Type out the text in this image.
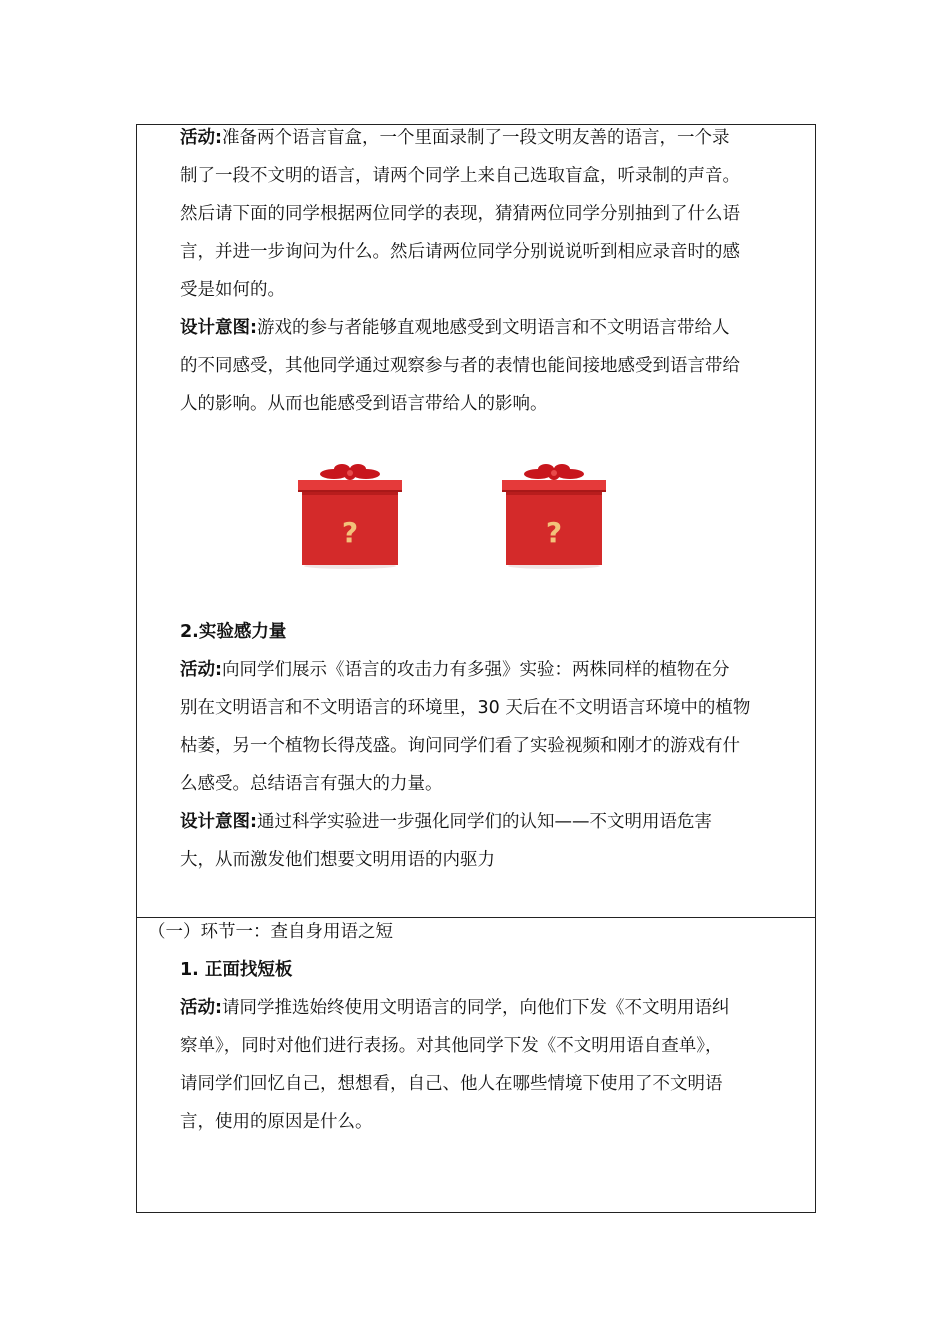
活动:准备两个语言盲盒，一个里面录制了一段文明友善的语言，一个录
制了一段不文明的语言，请两个同学上来自己选取盲盒，听录制的声音。
然后请下面的同学根据两位同学的表现，猜猜两位同学分别抽到了什么语
言，并进一步询问为什么。然后请两位同学分别说说听到相应录音时的感
受是如何的。
设计意图:游戏的参与者能够直观地感受到文明语言和不文明语言带给人
的不同感受，其他同学通过观察参与者的表情也能间接地感受到语言带给
人的影响。从而也能感受到语言带给人的影响。
?	?
2.实验感力量
活动:向同学们展示《语言的攻击力有多强》实验：两株同样的植物在分
别在文明语言和不文明语言的环境里，30 天后在不文明语言环境中的植物
枯萎，另一个植物长得茂盛。询问同学们看了实验视频和刚才的游戏有什
么感受。总结语言有强大的力量。
设计意图:通过科学实验进一步强化同学们的认知——不文明用语危害
大，从而激发他们想要文明用语的内驱力
（一）环节一：查自身用语之短
1. 正面找短板
活动:请同学推选始终使用文明语言的同学，向他们下发《不文明用语纠
察单》，同时对他们进行表扬。对其他同学下发《不文明用语自查单》，
请同学们回忆自己，想想看，自己、他人在哪些情境下使用了不文明语
言，使用的原因是什么。
